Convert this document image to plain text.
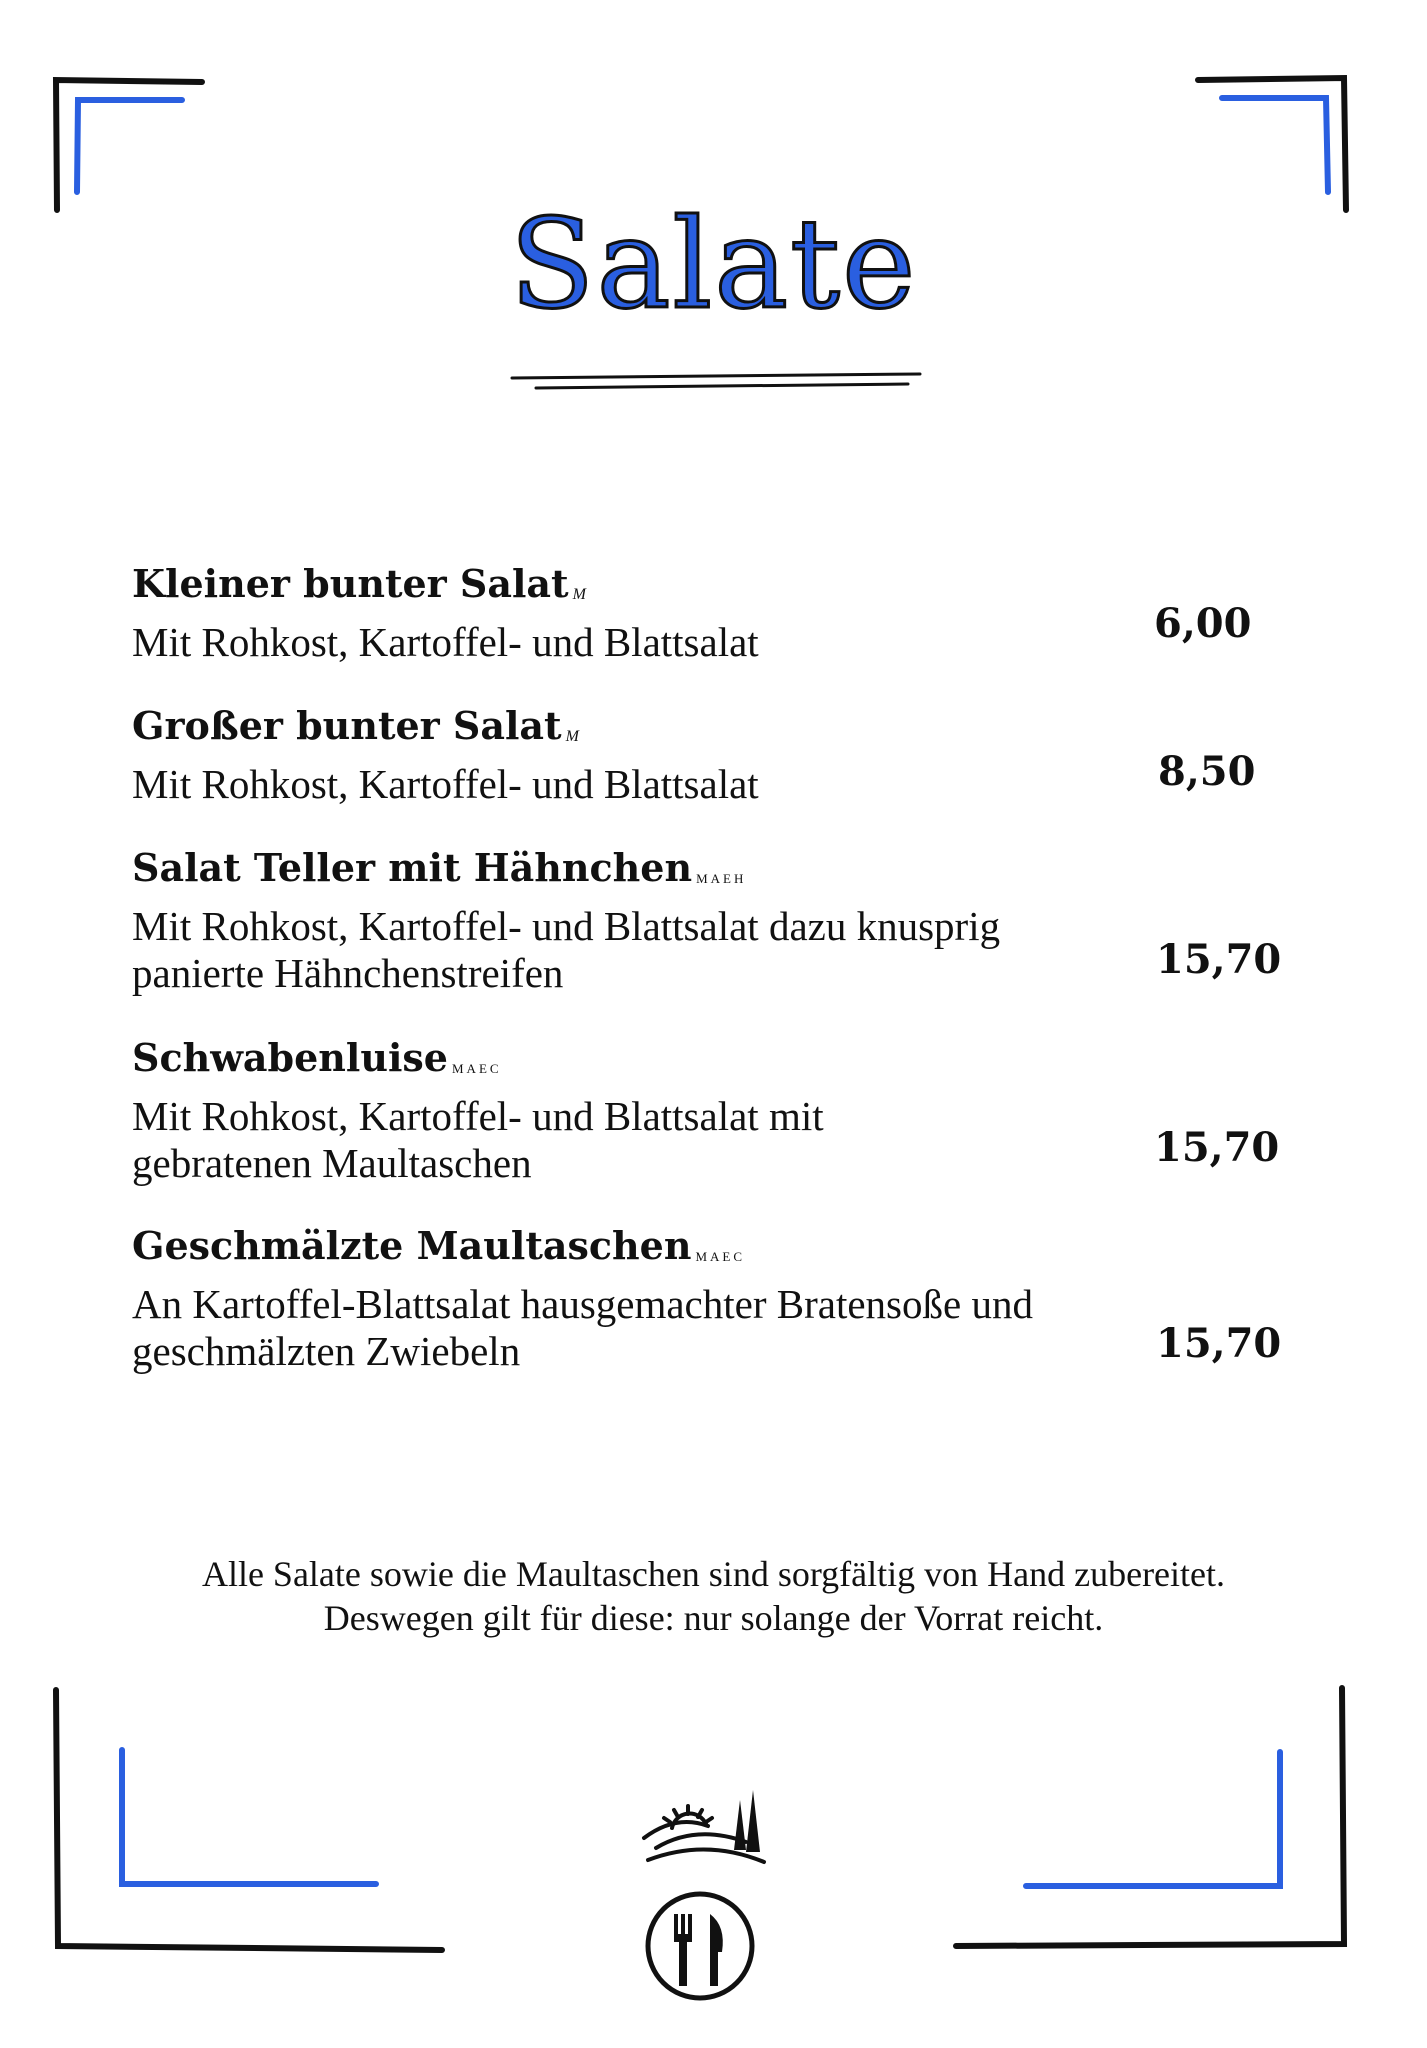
Salate
Kleiner bunter Salat M
Mit Rohkost, Kartoffel- und Blattsalat	6,00
Großer bunter Salat M
Mit Rohkost, Kartoffel- und Blattsalat	8,50
Salat Teller mit Hähnchen MAEH
Mit Rohkost, Kartoffel- und Blattsalat dazu knusprig panierte Hähnchenstreifen	15,70
Schwabenluise MAEC
Mit Rohkost, Kartoffel- und Blattsalat mit gebratenen Maultaschen	15,70
Geschmälzte Maultaschen MAEC
An Kartoffel-Blattsalat hausgemachter Bratensoße und geschmälzten Zwiebeln	15,70
Alle Salate sowie die Maultaschen sind sorgfältig von Hand zubereitet. Deswegen gilt für diese: nur solange der Vorrat reicht.
